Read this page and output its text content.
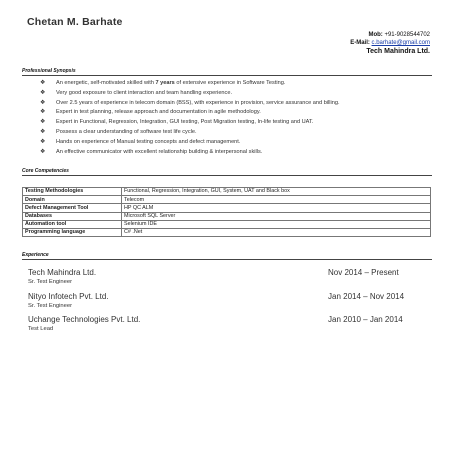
Chetan M. Barhate
Mob: +91-9028544702
E-Mail: c.barhate@gmail.com
Tech Mahindra Ltd.
Professional Synopsis
❖ An energetic, self-motivated skilled with 7 years of extensive experience in Software Testing.
❖ Very good exposure to client interaction and team handling experience.
❖ Over 2.5 years of experience in telecom domain (BSS), with experience in provision, service assurance and billing.
❖ Expert in test planning, release approach and documentation in agile methodology.
❖ Expert in Functional, Regression, Integration, GUI testing, Post Migration testing, In-life testing and UAT.
❖ Possess a clear understanding of software test life cycle.
❖ Hands on experience of Manual testing concepts and defect management.
❖ An effective communicator with excellent relationship building & interpersonal skills.
Core Competencies
Testing Methodologies	Functional, Regression, Integration, GUI, System, UAT and Black box
Domain	Telecom
Defect Management Tool	HP QC ALM
Databases	Microsoft SQL Server
Automation tool	Selenium IDE
Programming language	C# .Net
Experience
Tech Mahindra Ltd.	Nov 2014 – Present
Sr. Test Engineer
Nityo Infotech Pvt. Ltd.	Jan 2014 – Nov 2014
Sr. Test Engineer
Uchange Technologies Pvt. Ltd.	Jan 2010 – Jan 2014
Test Lead
